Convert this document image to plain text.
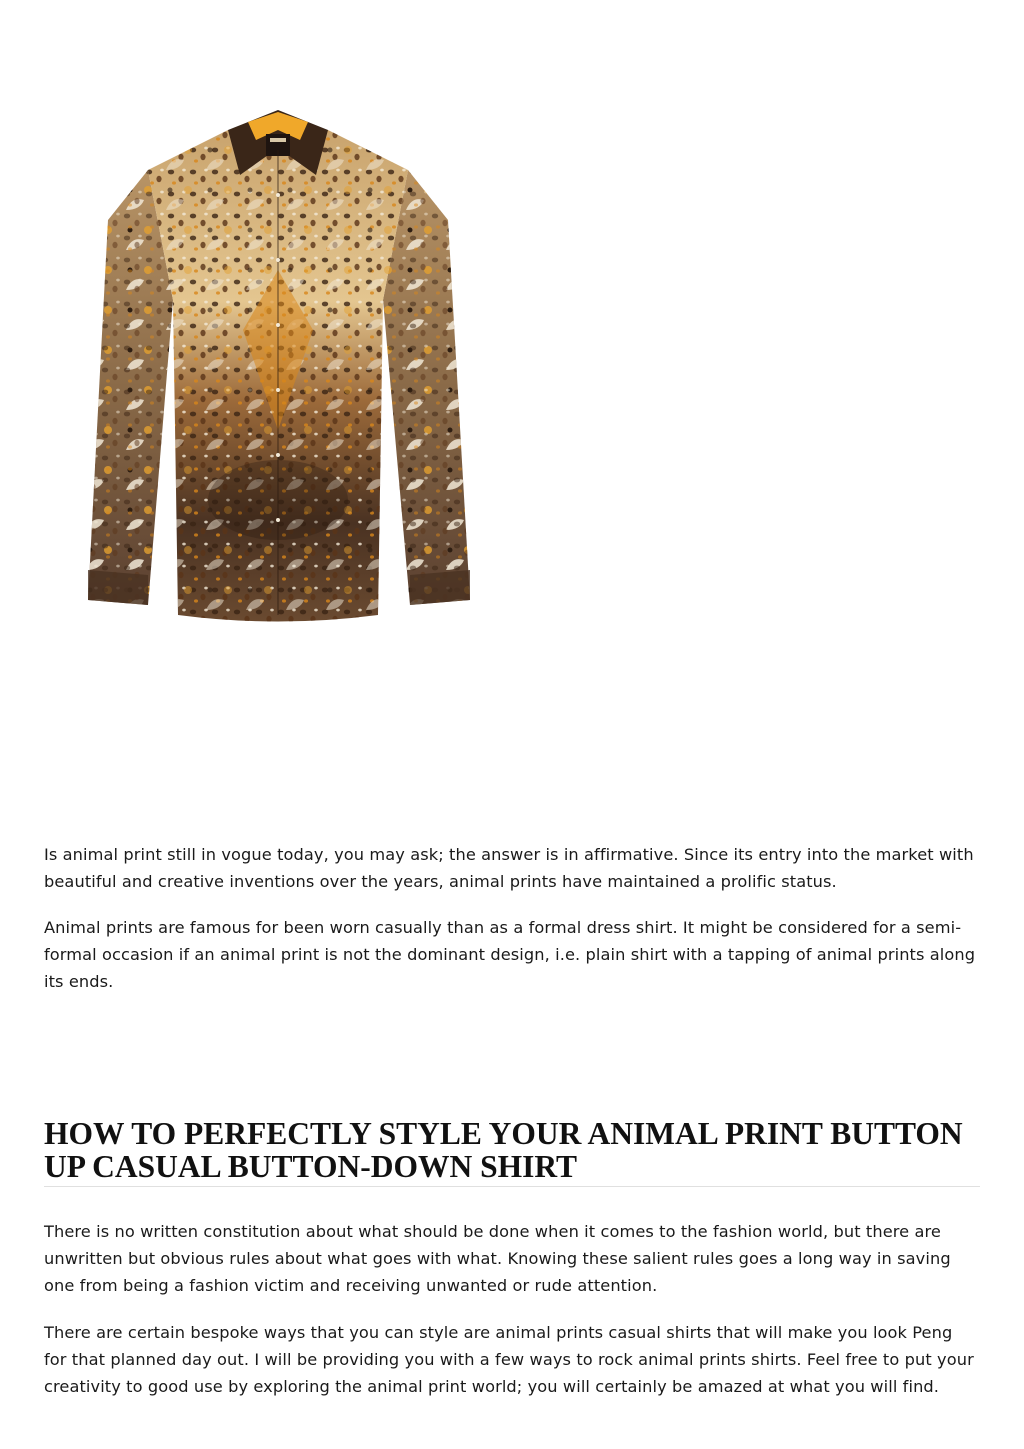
Is animal print still in vogue today, you may ask; the answer is in affirmative. Since its entry into the market with beautiful and creative inventions over the years, animal prints have maintained a prolific status.

Animal prints are famous for been worn casually than as a formal dress shirt. It might be considered for a semi-formal occasion if an animal print is not the dominant design, i.e. plain shirt with a tapping of animal prints along its ends.

HOW TO PERFECTLY STYLE YOUR ANIMAL PRINT BUTTON UP CASUAL BUTTON-DOWN SHIRT

There is no written constitution about what should be done when it comes to the fashion world, but there are unwritten but obvious rules about what goes with what. Knowing these salient rules goes a long way in saving one from being a fashion victim and receiving unwanted or rude attention.

There are certain bespoke ways that you can style are animal prints casual shirts that will make you look Peng for that planned day out. I will be providing you with a few ways to rock animal prints shirts. Feel free to put your creativity to good use by exploring the animal print world; you will certainly be amazed at what you will find.
